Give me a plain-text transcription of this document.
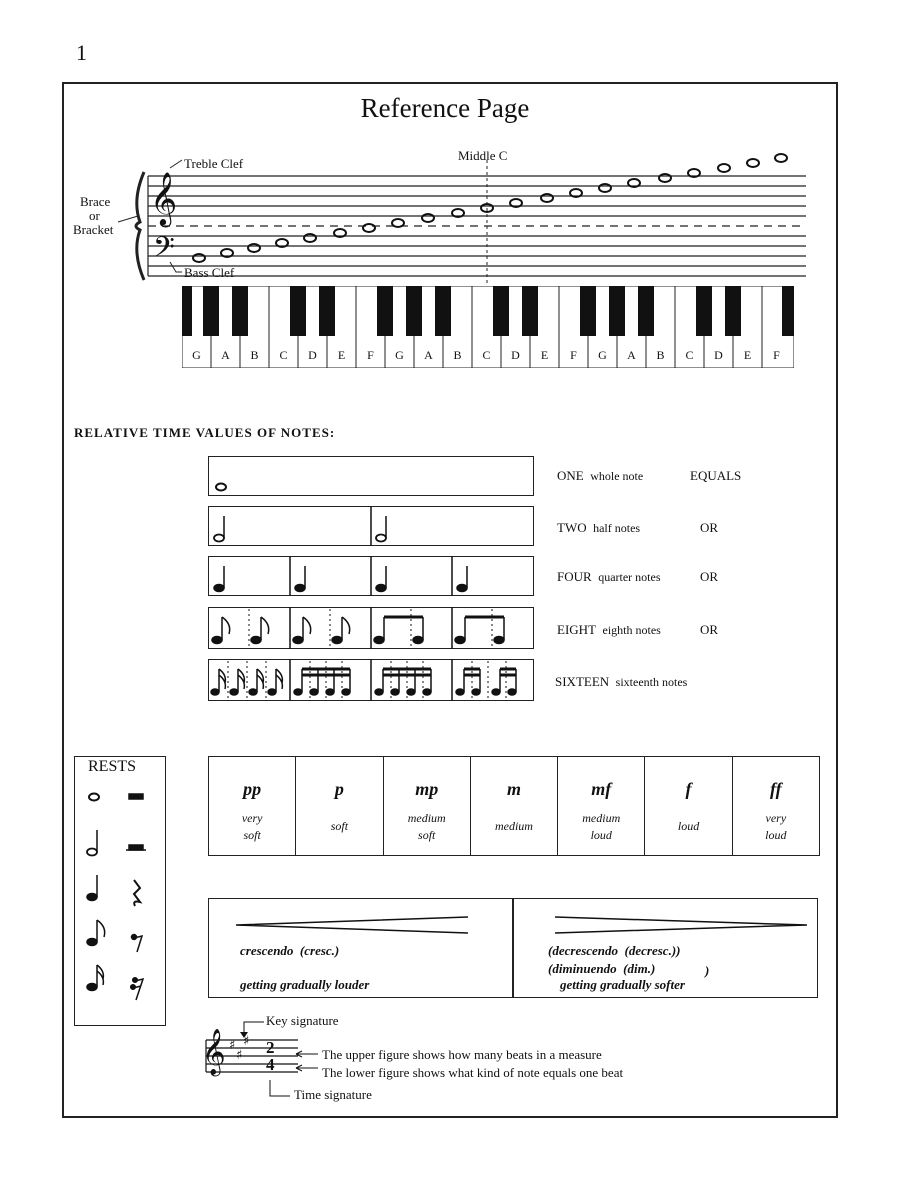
1
Reference Page
Treble Clef
Bass Clef
Brace
or
Bracket
Middle C
𝄞
𝄢
G	A	B	C	D	E	F	G	A	B	C	D	E	F	G	A	B	C	D	E	F
RELATIVE TIME VALUES OF NOTES:
ONE whole note	EQUALS
TWO half notes	OR
FOUR quarter notes	OR
EIGHT eighth notes	OR
SIXTEEN sixteenth notes
RESTS
pp
very
soft
p
soft
mp
medium
soft
m
medium
mf
medium
loud
f
loud
ff
very
loud
crescendo  (cresc.)
getting gradually louder
(decrescendo  (decresc.))
(diminuendo  (dim.)	)
getting gradually softer
𝄞 ♯
♯
♯ 2
4
Key signature
The upper figure shows how many beats in a measure
The lower figure shows what kind of note equals one beat
Time signature
